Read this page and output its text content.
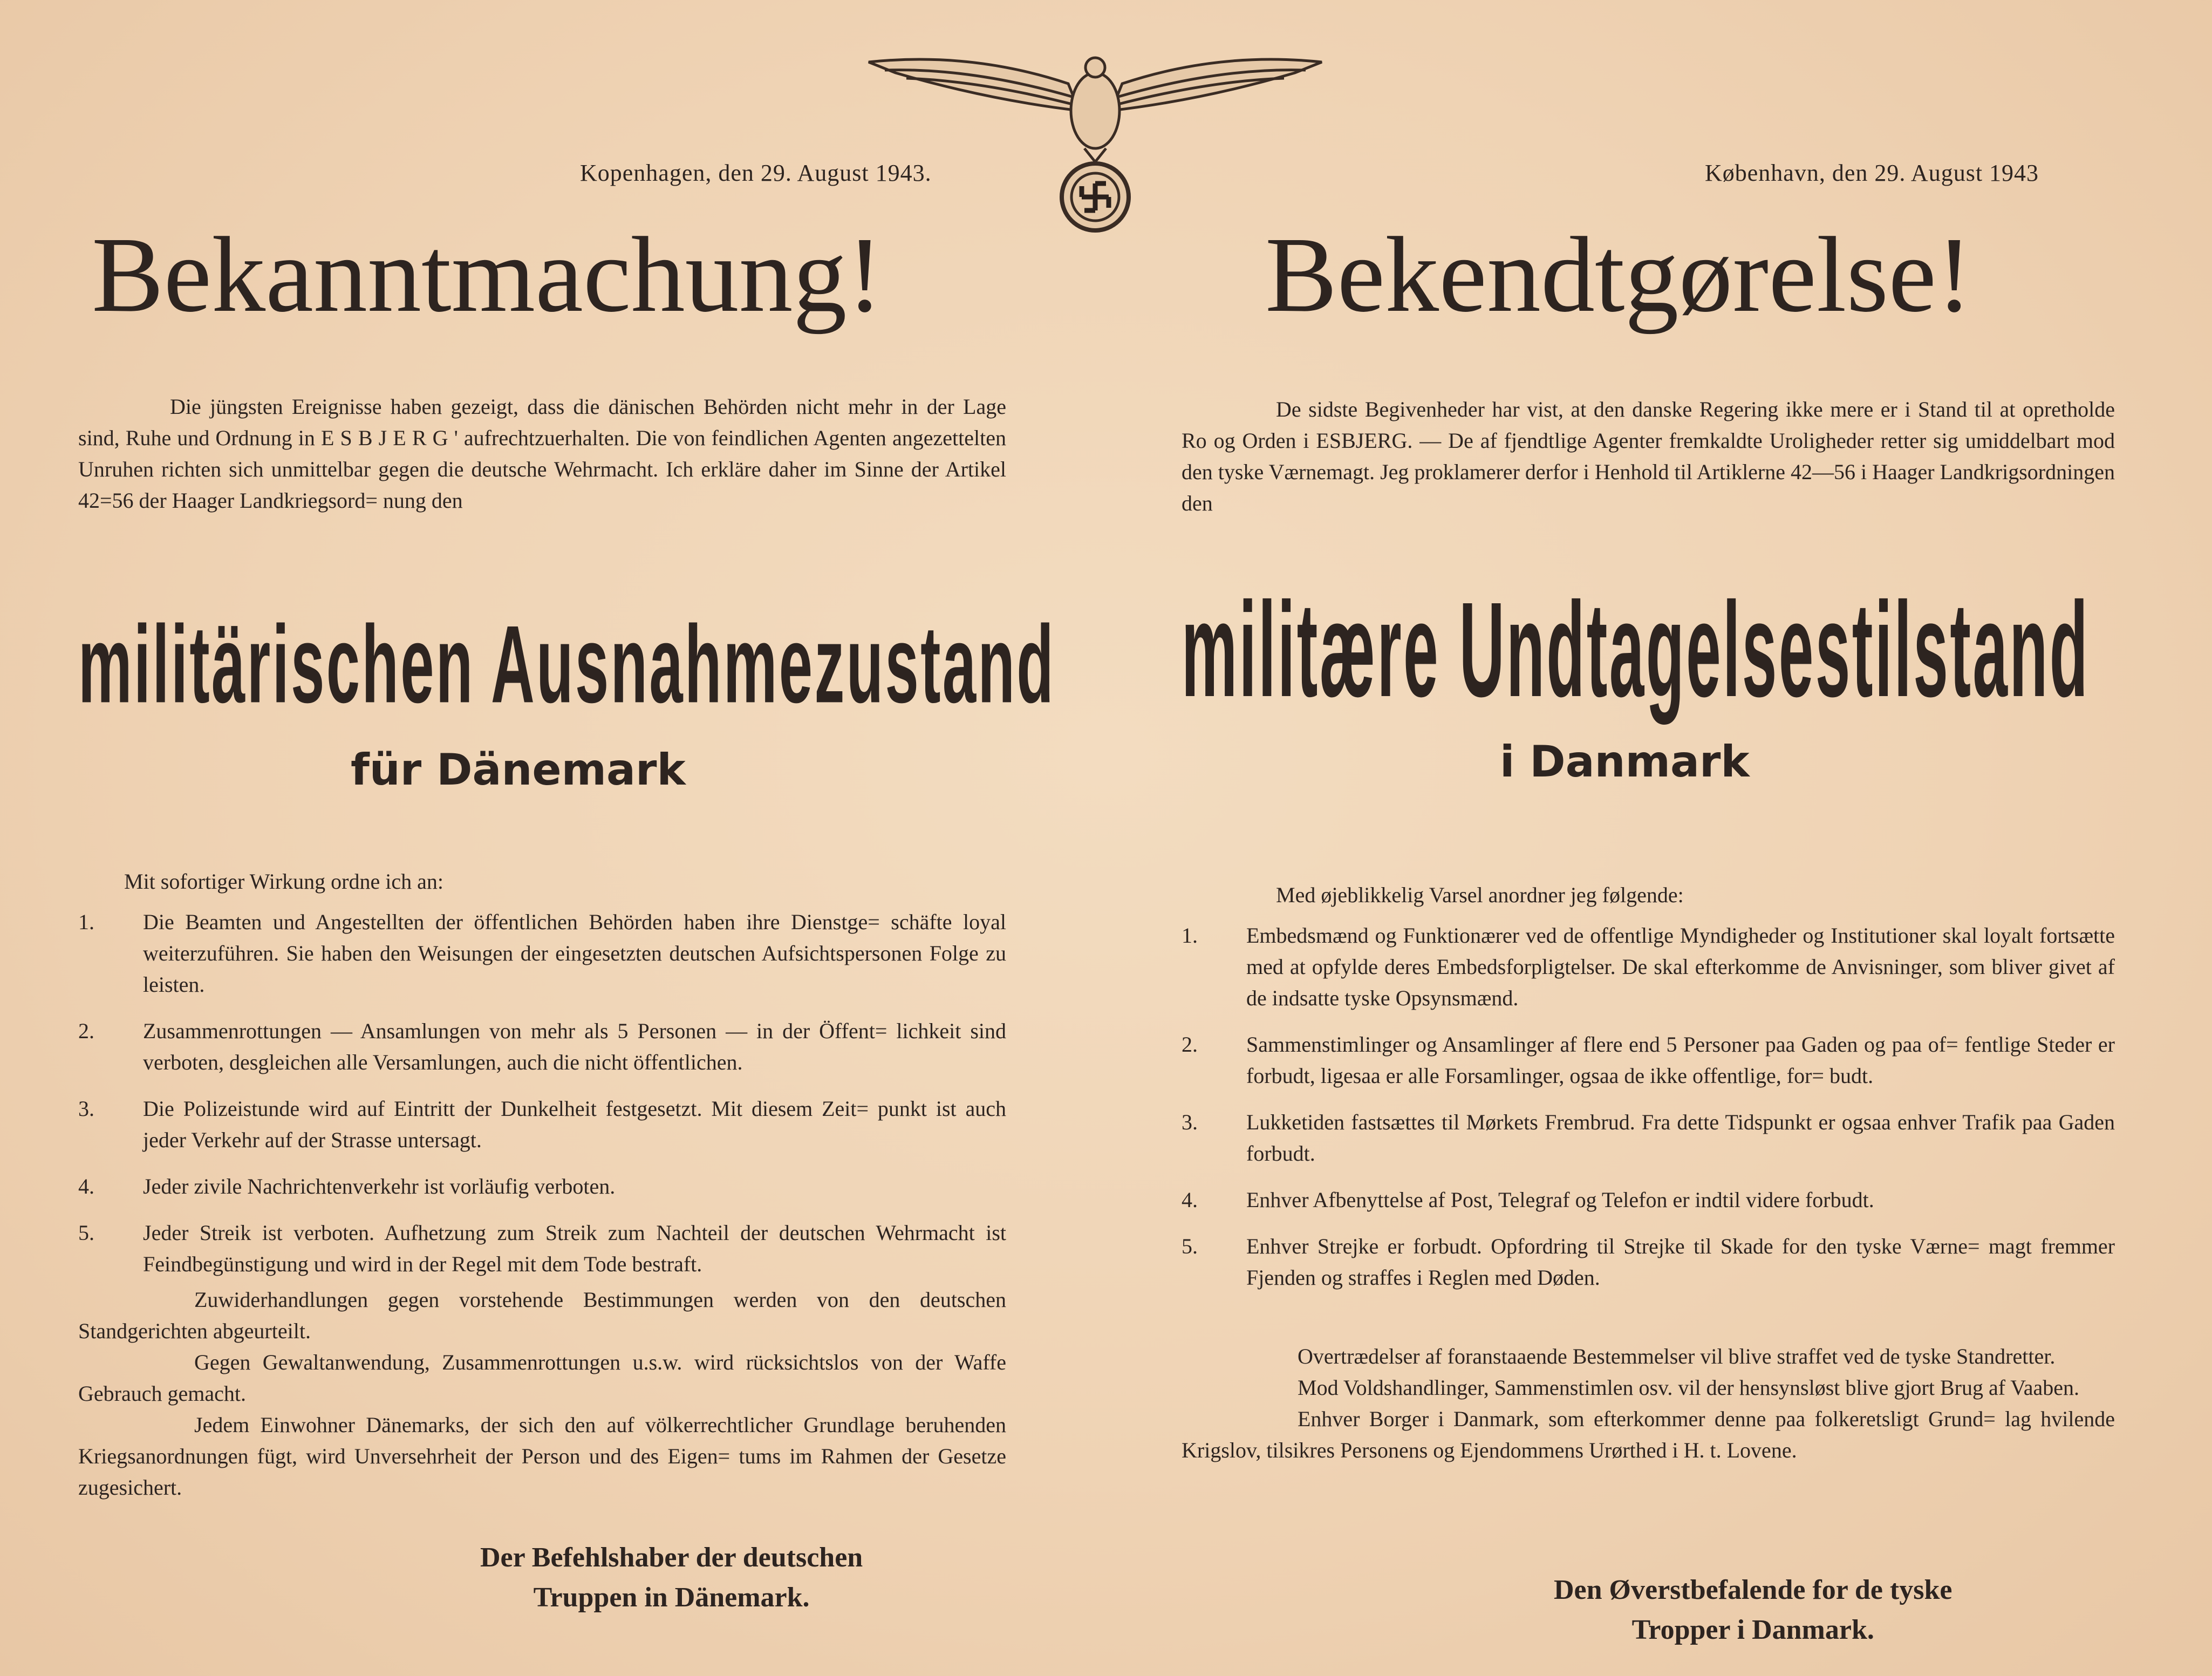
Kopenhagen, den 29. August 1943.
Bekanntmachung!
Die jüngsten Ereignisse haben gezeigt, dass die dänischen Behörden nicht mehr in der Lage sind, Ruhe und Ordnung in E S B J E R G ' aufrechtzuerhalten. Die von feindlichen Agenten angezettelten Unruhen richten sich unmittelbar gegen die deutsche Wehrmacht. Ich erkläre daher im Sinne der Artikel 42=56 der Haager Landkriegsord= nung den
militärischen Ausnahmezustand
für Dänemark
Mit sofortiger Wirkung ordne ich an:
1.	Die Beamten und Angestellten der öffentlichen Behörden haben ihre Dienstge= schäfte loyal weiterzuführen. Sie haben den Weisungen der eingesetzten deutschen Aufsichtspersonen Folge zu leisten.
2.	Zusammenrottungen — Ansamlungen von mehr als 5 Personen — in der Öffent= lichkeit sind verboten, desgleichen alle Versamlungen, auch die nicht öffentlichen.
3.	Die Polizeistunde wird auf Eintritt der Dunkelheit festgesetzt. Mit diesem Zeit= punkt ist auch jeder Verkehr auf der Strasse untersagt.
4.	Jeder zivile Nachrichtenverkehr ist vorläufig verboten.
5.	Jeder Streik ist verboten. Aufhetzung zum Streik zum Nachteil der deutschen Wehrmacht ist Feindbegünstigung und wird in der Regel mit dem Tode bestraft.

Zuwiderhandlungen gegen vorstehende Bestimmungen werden von den deutschen Standgerichten abgeurteilt.

Gegen Gewaltanwendung, Zusammenrottungen u.s.w. wird rücksichtslos von der Waffe Gebrauch gemacht.

Jedem Einwohner Dänemarks, der sich den auf völkerrechtlicher Grundlage beruhenden Kriegsanordnungen fügt, wird Unversehrheit der Person und des Eigen= tums im Rahmen der Gesetze zugesichert.

Der Befehlshaber der deutschen
Truppen in Dänemark.
København, den 29. August 1943
Bekendtgørelse!
De sidste Begivenheder har vist, at den danske Regering ikke mere er i Stand til at opretholde Ro og Orden i ESBJERG. — De af fjendtlige Agenter fremkaldte Uroligheder retter sig umiddelbart mod den tyske Værnemagt. Jeg proklamerer derfor i Henhold til Artiklerne 42—56 i Haager Landkrigsordningen den
militære Undtagelsestilstand
i Danmark
Med øjeblikkelig Varsel anordner jeg følgende:
1.	Embedsmænd og Funktionærer ved de offentlige Myndigheder og Institutioner skal loyalt fortsætte med at opfylde deres Embedsforpligtelser. De skal efterkomme de Anvisninger, som bliver givet af de indsatte tyske Opsynsmænd.
2.	Sammenstimlinger og Ansamlinger af flere end 5 Personer paa Gaden og paa of= fentlige Steder er forbudt, ligesaa er alle Forsamlinger, ogsaa de ikke offentlige, for= budt.
3.	Lukketiden fastsættes til Mørkets Frembrud. Fra dette Tidspunkt er ogsaa enhver Trafik paa Gaden forbudt.
4.	Enhver Afbenyttelse af Post, Telegraf og Telefon er indtil videre forbudt.
5.	Enhver Strejke er forbudt. Opfordring til Strejke til Skade for den tyske Værne= magt fremmer Fjenden og straffes i Reglen med Døden.

Overtrædelser af foranstaaende Bestemmelser vil blive straffet ved de tyske Standretter.

Mod Voldshandlinger, Sammenstimlen osv. vil der hensynsløst blive gjort Brug af Vaaben.

Enhver Borger i Danmark, som efterkommer denne paa folkeretsligt Grund= lag hvilende Krigslov, tilsikres Personens og Ejendommens Urørthed i H. t. Lovene.

Den Øverstbefalende for de tyske
Tropper i Danmark.
